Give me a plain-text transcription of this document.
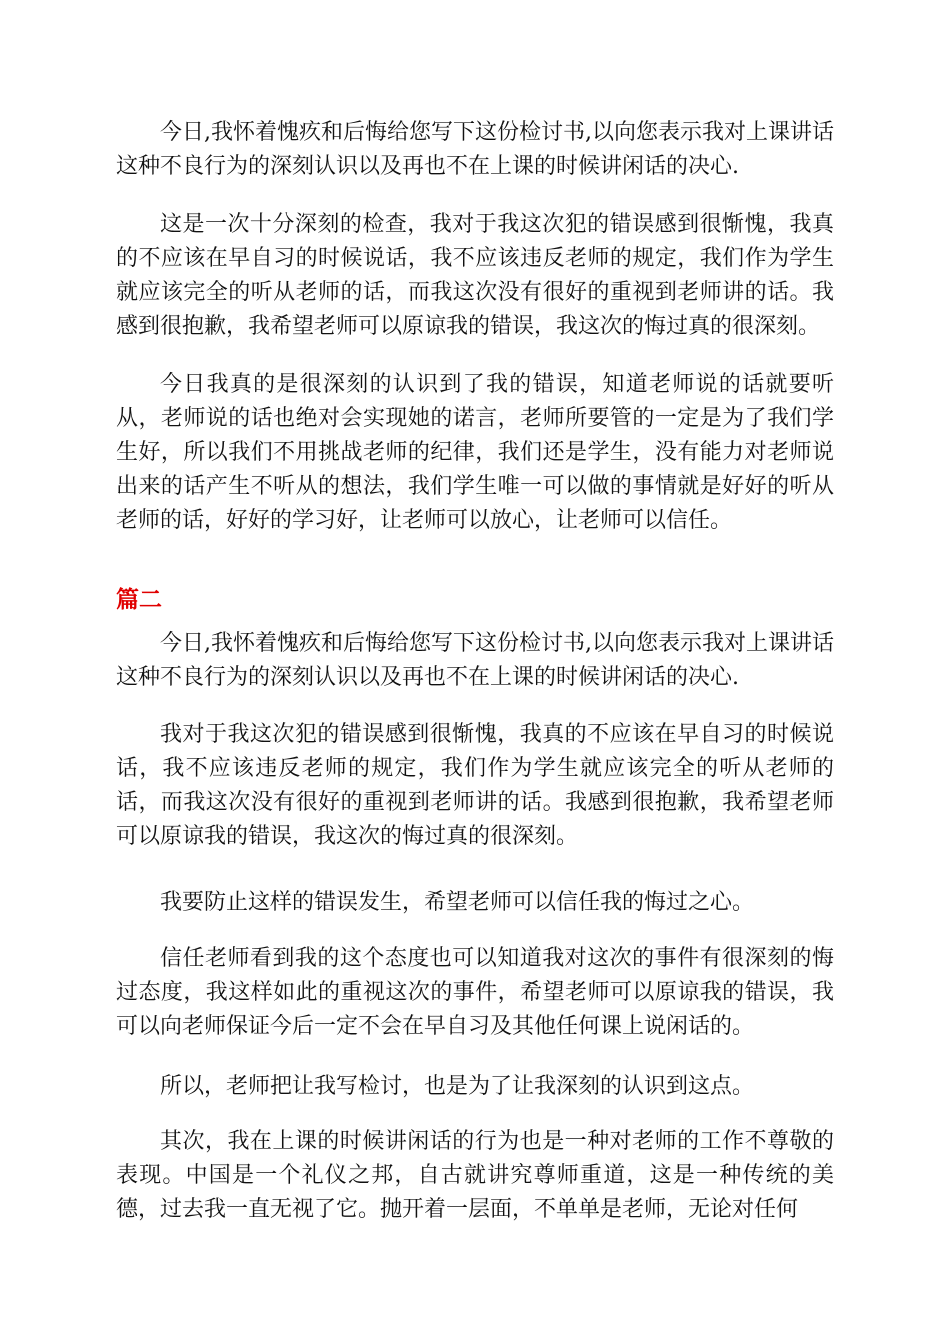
今日,我怀着愧疚和后悔给您写下这份检讨书,以向您表示我对上课讲话这种不良行为的深刻认识以及再也不在上课的时候讲闲话的决心.

这是一次十分深刻的检查，我对于我这次犯的错误感到很惭愧，我真的不应该在早自习的时候说话，我不应该违反老师的规定，我们作为学生就应该完全的听从老师的话，而我这次没有很好的重视到老师讲的话。我感到很抱歉，我希望老师可以原谅我的错误，我这次的悔过真的很深刻。

今日我真的是很深刻的认识到了我的错误，知道老师说的话就要听从，老师说的话也绝对会实现她的诺言，老师所要管的一定是为了我们学生好，所以我们不用挑战老师的纪律，我们还是学生，没有能力对老师说出来的话产生不听从的想法，我们学生唯一可以做的事情就是好好的听从老师的话，好好的学习好，让老师可以放心，让老师可以信任。

篇二

今日,我怀着愧疚和后悔给您写下这份检讨书,以向您表示我对上课讲话这种不良行为的深刻认识以及再也不在上课的时候讲闲话的决心.

我对于我这次犯的错误感到很惭愧，我真的不应该在早自习的时候说话，我不应该违反老师的规定，我们作为学生就应该完全的听从老师的话，而我这次没有很好的重视到老师讲的话。我感到很抱歉，我希望老师可以原谅我的错误，我这次的悔过真的很深刻。

我要防止这样的错误发生，希望老师可以信任我的悔过之心。

信任老师看到我的这个态度也可以知道我对这次的事件有很深刻的悔过态度，我这样如此的重视这次的事件，希望老师可以原谅我的错误，我可以向老师保证今后一定不会在早自习及其他任何课上说闲话的。

所以，老师把让我写检讨，也是为了让我深刻的认识到这点。

其次，我在上课的时候讲闲话的行为也是一种对老师的工作不尊敬的表现。中国是一个礼仪之邦，自古就讲究尊师重道，这是一种传统的美德，过去我一直无视了它。抛开着一层面，不单单是老师，无论对任何
